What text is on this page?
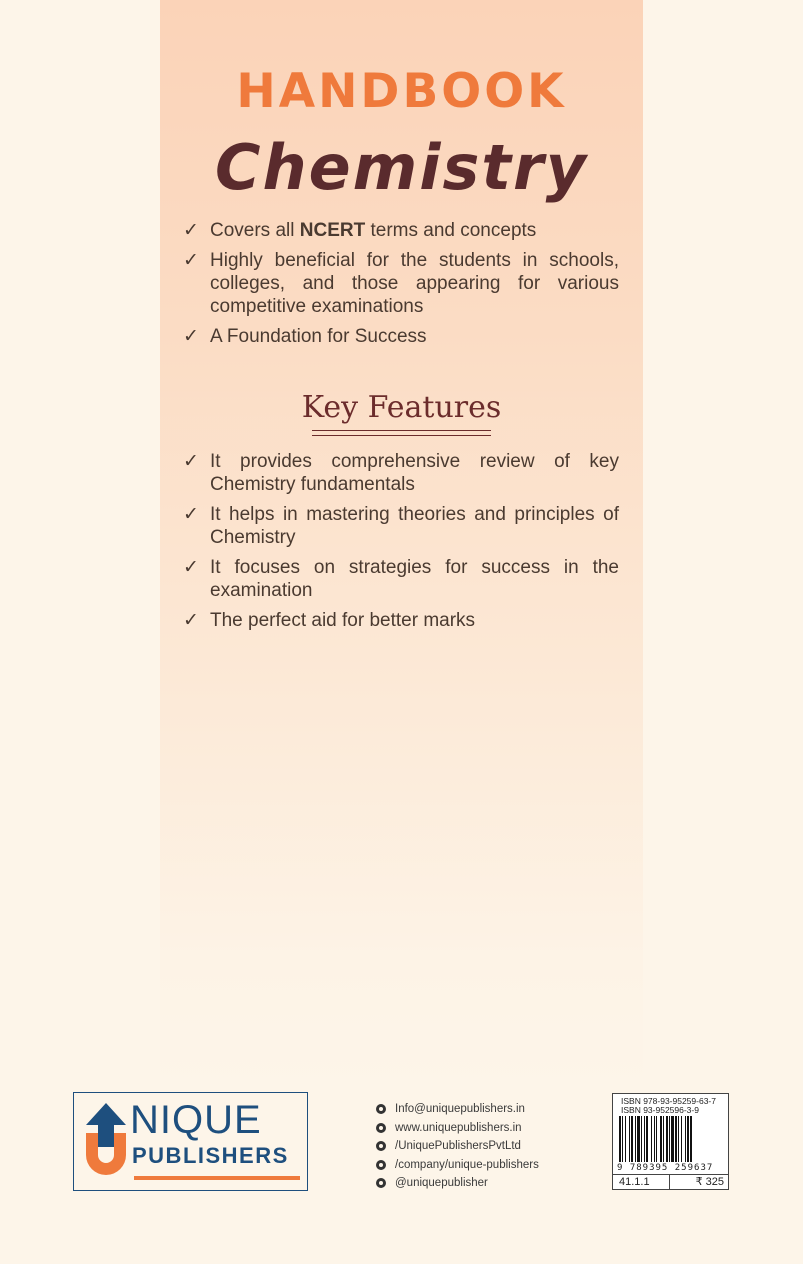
HANDBOOK
Chemistry
✓ Covers all NCERT terms and concepts
✓ Highly beneficial for the students in schools, colleges, and those appearing for various competitive examinations
✓ A Foundation for Success
Key Features
✓ It provides comprehensive review of key Chemistry fundamentals
✓ It helps in mastering theories and principles of Chemistry
✓ It focuses on strategies for success in the examination
✓ The perfect aid for better marks
NIQUE
PUBLISHERS
Info@uniquepublishers.in
www.uniquepublishers.in
/UniquePublishersPvtLtd
/company/unique-publishers
@uniquepublisher
ISBN 978-93-95259-63-7
ISBN 93-952596-3-9
9 789395 259637
41.1.1	₹ 325
